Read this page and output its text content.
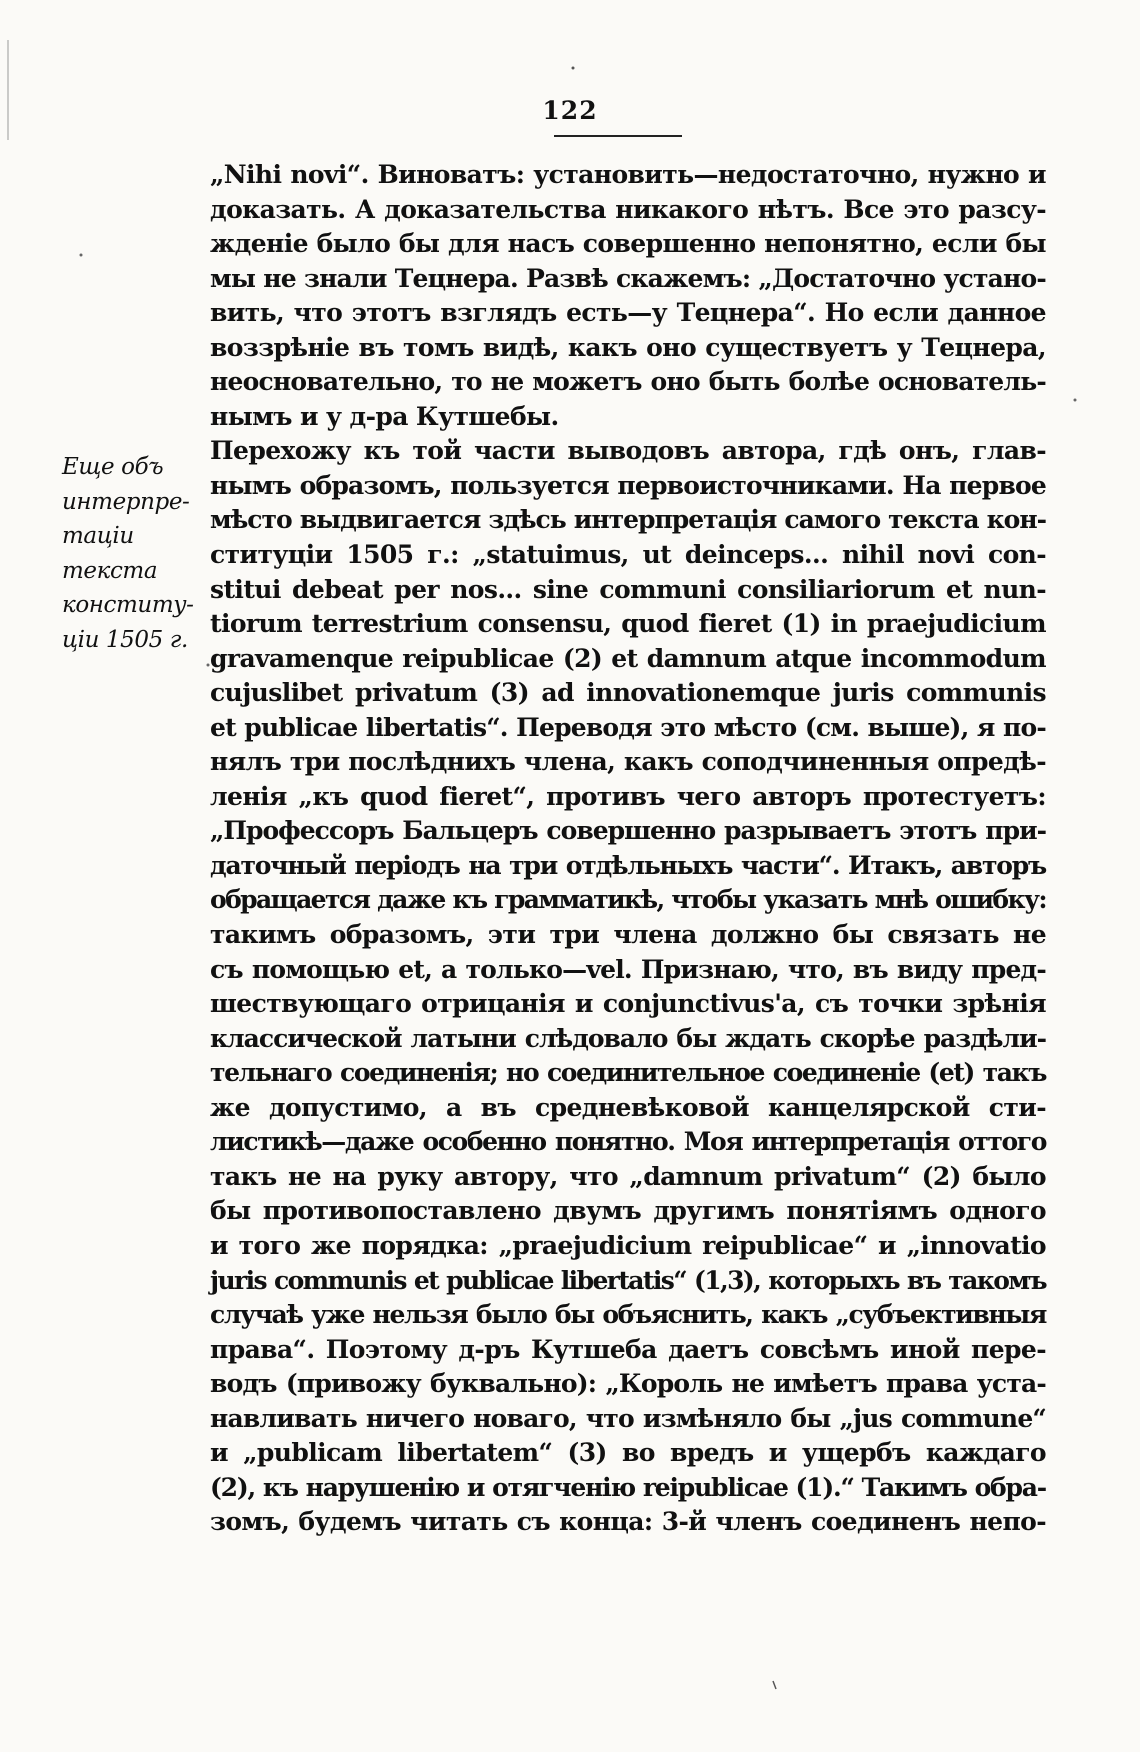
122
Еще объ
интерпре-
таціи
текста
конститу-
ціи 1505 г.
„Nihi novi“. Виноватъ: установить—недостаточно, нужно и
доказать. А доказательства никакого нѣтъ. Все это разсу-
жденіе было бы для насъ совершенно непонятно, если бы
мы не знали Тецнера. Развѣ скажемъ: „Достаточно устано-
вить, что этотъ взглядъ есть—у Тецнера“. Но если данное
воззрѣніе въ томъ видѣ, какъ оно существуетъ у Тецнера,
неосновательно, то не можетъ оно быть болѣе основатель-
нымъ и у д-ра Кутшебы.
Перехожу къ той части выводовъ автора, гдѣ онъ, глав-
нымъ образомъ, пользуется первоисточниками. На первое
мѣсто выдвигается здѣсь интерпретація самого текста кон-
ституціи 1505 г.: „statuimus, ut deinceps... nihil novi con-
stitui debeat per nos... sine communi consiliariorum et nun-
tiorum terrestrium consensu, quod fieret (1) in praejudicium
gravamenque reipublicae (2) et damnum atque incommodum
cujuslibet privatum (3) ad innovationemque juris communis
et publicae libertatis“. Переводя это мѣсто (см. выше), я по-
нялъ три послѣднихъ члена, какъ соподчиненныя опредѣ-
ленія „къ quod fieret“, противъ чего авторъ протестуетъ:
„Профессоръ Бальцеръ совершенно разрываетъ этотъ при-
даточный періодъ на три отдѣльныхъ части“. Итакъ, авторъ
обращается даже къ грамматикѣ, чтобы указать мнѣ ошибку:
такимъ образомъ, эти три члена должно бы связать не
съ помощью et, а только—vel. Признаю, что, въ виду пред-
шествующаго отрицанія и conjunctivus'а, съ точки зрѣнія
классической латыни слѣдовало бы ждать скорѣе раздѣли-
тельнаго соединенія; но соединительное соединеніе (et) такъ
же допустимо, а въ средневѣковой канцелярской сти-
листикѣ—даже особенно понятно. Моя интерпретація оттого
такъ не на руку автору, что „damnum privatum“ (2) было
бы противопоставлено двумъ другимъ понятіямъ одного
и того же порядка: „praejudicium reipublicae“ и „innovatio
juris communis et publicae libertatis“ (1,3), которыхъ въ такомъ
случаѣ уже нельзя было бы объяснить, какъ „субъективныя
права“. Поэтому д-ръ Кутшеба даетъ совсѣмъ иной пере-
водъ (привожу буквально): „Король не имѣетъ права уста-
навливать ничего новаго, что измѣняло бы „jus commune“
и „publicam libertatem“ (3) во вредъ и ущербъ каждаго
(2), къ нарушенію и отягченію reipublicae (1).“ Такимъ обра-
зомъ, будемъ читать съ конца: 3-й членъ соединенъ непо-
